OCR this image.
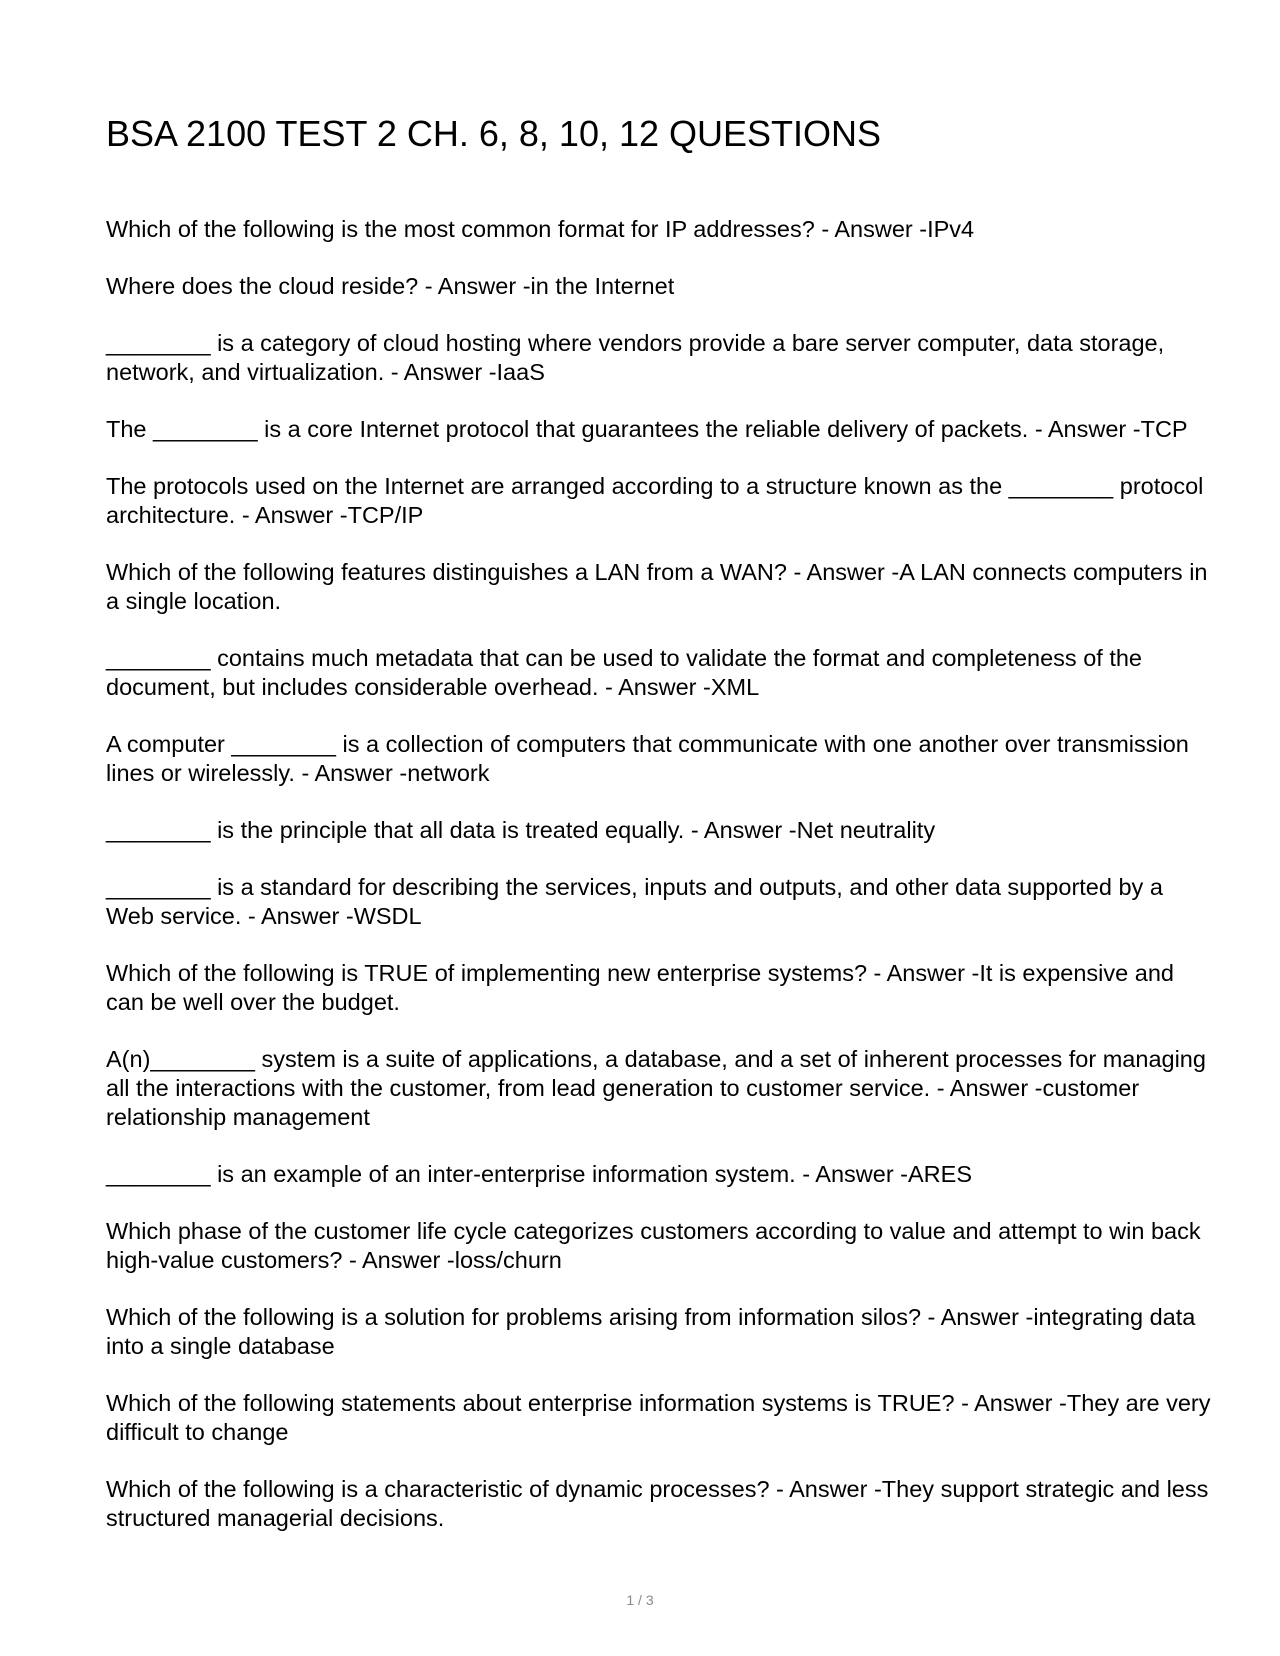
BSA 2100 TEST 2 CH. 6, 8, 10, 12 QUESTIONS
Which of the following is the most common format for IP addresses? - Answer -IPv4
Where does the cloud reside? - Answer -in the Internet
________ is a category of cloud hosting where vendors provide a bare server computer, data storage, network, and virtualization. - Answer -IaaS
The ________ is a core Internet protocol that guarantees the reliable delivery of packets. - Answer -TCP
The protocols used on the Internet are arranged according to a structure known as the ________ protocol architecture. - Answer -TCP/IP
Which of the following features distinguishes a LAN from a WAN? - Answer -A LAN connects computers in a single location.
________ contains much metadata that can be used to validate the format and completeness of the document, but includes considerable overhead. - Answer -XML
A computer ________ is a collection of computers that communicate with one another over transmission lines or wirelessly. - Answer -network
________ is the principle that all data is treated equally. - Answer -Net neutrality
________ is a standard for describing the services, inputs and outputs, and other data supported by a Web service. - Answer -WSDL
Which of the following is TRUE of implementing new enterprise systems? - Answer -It is expensive and can be well over the budget.
A(n)________ system is a suite of applications, a database, and a set of inherent processes for managing all the interactions with the customer, from lead generation to customer service. - Answer -customer relationship management
________ is an example of an inter-enterprise information system. - Answer -ARES
Which phase of the customer life cycle categorizes customers according to value and attempt to win back high-value customers? - Answer -loss/churn
Which of the following is a solution for problems arising from information silos? - Answer -integrating data into a single database
Which of the following statements about enterprise information systems is TRUE? - Answer -They are very difficult to change
Which of the following is a characteristic of dynamic processes? - Answer -They support strategic and less structured managerial decisions.
1 / 3
